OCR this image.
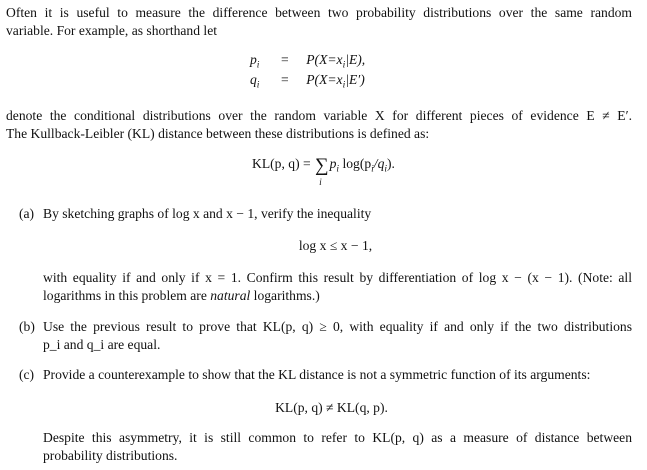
Often it is useful to measure the difference between two probability distributions over the same random
variable. For example, as shorthand let
$p_i = P(X=x_i|E)$,
$q_i = P(X=x_i|E')$
denote the conditional distributions over the random variable X for different pieces of evidence E ≠ E′.
The Kullback-Leibler (KL) distance between these distributions is defined as:
KL(p, q) = ∑
i
$p_i$ $\log(p_i/q_i)$.
(a) By sketching graphs of log x and x − 1, verify the inequality
log x ≤ x − 1,
with equality if and only if x = 1. Confirm this result by differentiation of log x − (x − 1). (Note: all
logarithms in this problem are natural logarithms.)
(b) Use the previous result to prove that KL(p, q) ≥ 0, with equality if and only if the two distributions
p_i and q_i are equal.
(c) Provide a counterexample to show that the KL distance is not a symmetric function of its arguments:
KL(p, q) ≠ KL(q, p).
Despite this asymmetry, it is still common to refer to KL(p, q) as a measure of distance between
probability distributions.
